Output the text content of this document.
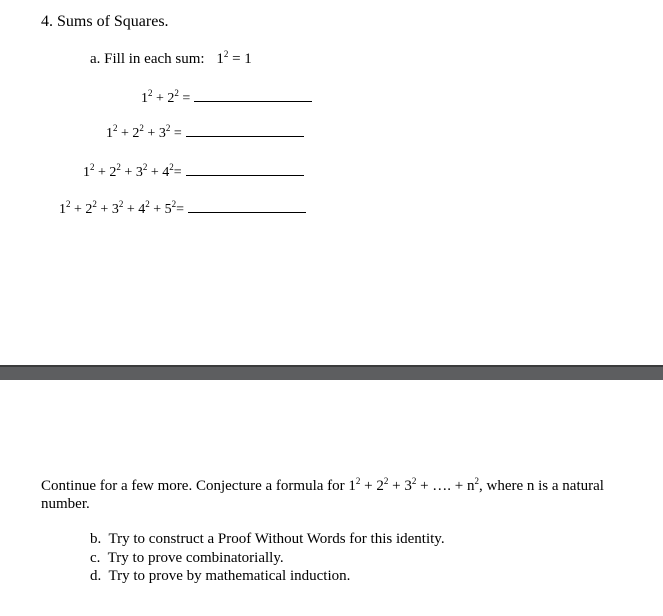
4. Sums of Squares.
a. Fill in each sum: $1^2 = 1$
$1^2 + 2^2$ =
$1^2 + 2^2 + 3^2$ =
$1^2 + 2^2 + 3^2 + 4^2=$
$1^2 + 2^2 + 3^2 + 4^2 + 5^2=$
Continue for a few more. Conjecture a formula for $1^2 + 2^2 + 3^2$ + …. + $n^2$, where n is a natural number.
b. Try to construct a Proof Without Words for this identity.
c. Try to prove combinatorially.
d. Try to prove by mathematical induction.
